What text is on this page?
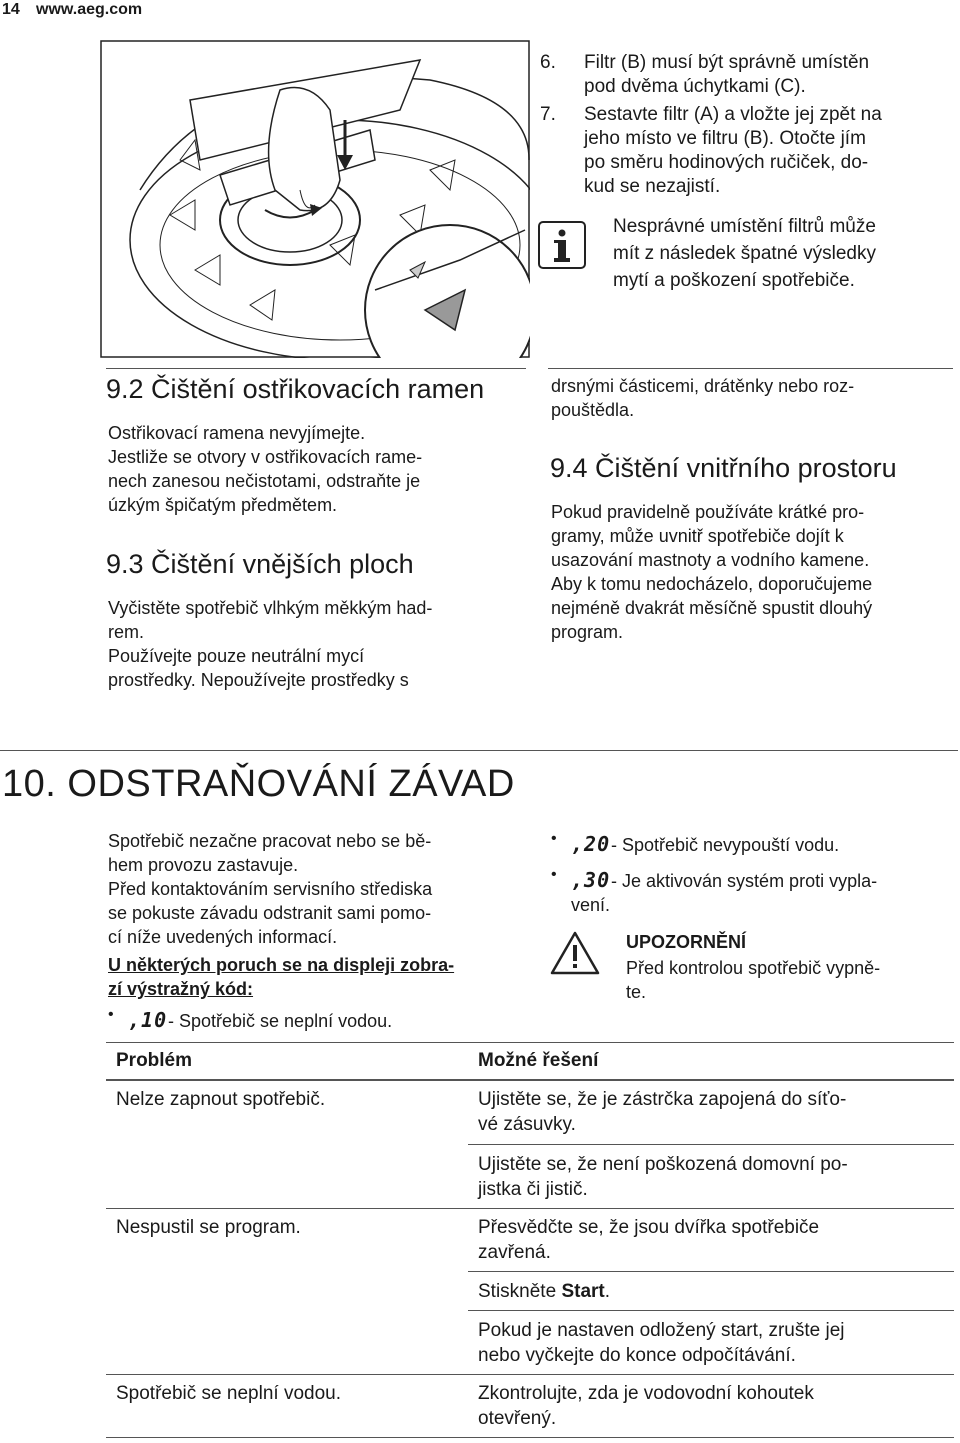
14 www.aeg.com
6. Filtr (B) musí být správně umístěn
pod dvěma úchytkami (C).
7. Sestavte filtr (A) a vložte jej zpět na
jeho místo ve filtru (B). Otočte jím
po směru hodinových ručiček, do-
kud se nezajistí.
Nesprávné umístění filtrů může
mít z následek špatné výsledky
mytí a poškození spotřebiče.
9.2 Čištění ostřikovacích ramen
Ostřikovací ramena nevyjímejte.
Jestliže se otvory v ostřikovacích rame-
nech zanesou nečistotami, odstraňte je
úzkým špičatým předmětem.
9.3 Čištění vnějších ploch
Vyčistěte spotřebič vlhkým měkkým had-
rem.
Používejte pouze neutrální mycí
prostředky. Nepoužívejte prostředky s
drsnými částicemi, drátěnky nebo roz-
pouštědla.
9.4 Čištění vnitřního prostoru
Pokud pravidelně používáte krátké pro-
gramy, může uvnitř spotřebiče dojít k
usazování mastnoty a vodního kamene.
Aby k tomu nedocházelo, doporučujeme
nejméně dvakrát měsíčně spustit dlouhý
program.
10. ODSTRAŇOVÁNÍ ZÁVAD
Spotřebič nezačne pracovat nebo se bě-
hem provozu zastavuje.
Před kontaktováním servisního střediska
se pokuste závadu odstranit sami pomo-
cí níže uvedených informací.
U některých poruch se na displeji zobra-
zí výstražný kód:
• ,10 - Spotřebič se neplní vodou.
• ,20 - Spotřebič nevypouští vodu.
• ,30 - Je aktivován systém proti vypla-
vení.
UPOZORNĚNÍ
Před kontrolou spotřebič vypně-
te.
Problém	Možné řešení
Nelze zapnout spotřebič.	Ujistěte se, že je zástrčka zapojená do síťo-
vé zásuvky.
Ujistěte se, že není poškozená domovní po-
jistka či jistič.
Nespustil se program.	Přesvědčte se, že jsou dvířka spotřebiče
zavřená.
Stiskněte Start.
Pokud je nastaven odložený start, zrušte jej
nebo vyčkejte do konce odpočítávání.
Spotřebič se neplní vodou.	Zkontrolujte, zda je vodovodní kohoutek
otevřený.
